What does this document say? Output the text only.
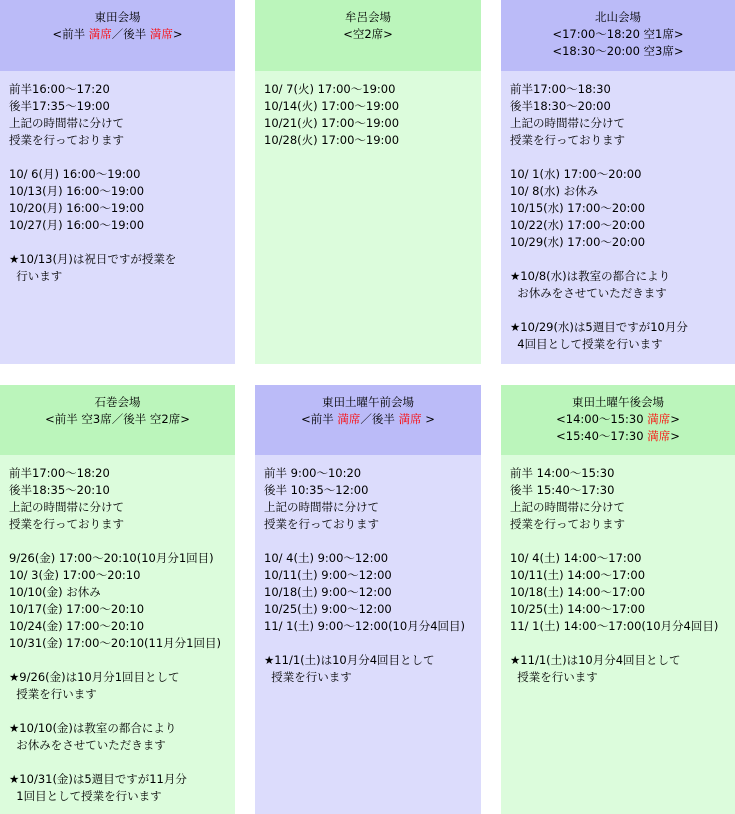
東田会場
<前半 満席／後半 満席>
前半16:00～17:20
後半17:35～19:00
上記の時間帯に分けて
授業を行っております
10/ 6(月) 16:00～19:00
10/13(月) 16:00～19:00
10/20(月) 16:00～19:00
10/27(月) 16:00～19:00
★10/13(月)は祝日ですが授業を
行います
牟呂会場
<空2席>
10/ 7(火) 17:00～19:00
10/14(火) 17:00～19:00
10/21(火) 17:00～19:00
10/28(火) 17:00～19:00
北山会場
<17:00～18:20 空1席>
<18:30～20:00 空3席>
前半17:00～18:30
後半18:30～20:00
上記の時間帯に分けて
授業を行っております
10/ 1(水) 17:00～20:00
10/ 8(水) お休み
10/15(水) 17:00～20:00
10/22(水) 17:00～20:00
10/29(水) 17:00～20:00
★10/8(水)は教室の都合により
お休みをさせていただきます
★10/29(水)は5週目ですが10月分
4回目として授業を行います
石巻会場
<前半 空3席／後半 空2席>
前半17:00～18:20
後半18:35～20:10
上記の時間帯に分けて
授業を行っております
9/26(金) 17:00～20:10(10月分1回目)
10/ 3(金) 17:00～20:10
10/10(金) お休み
10/17(金) 17:00～20:10
10/24(金) 17:00～20:10
10/31(金) 17:00～20:10(11月分1回目)
★9/26(金)は10月分1回目として
授業を行います
★10/10(金)は教室の都合により
お休みをさせていただきます
★10/31(金)は5週目ですが11月分
1回目として授業を行います
東田土曜午前会場
<前半 満席／後半 満席 >
前半 9:00～10:20
後半 10:35～12:00
上記の時間帯に分けて
授業を行っております
10/ 4(土) 9:00～12:00
10/11(土) 9:00～12:00
10/18(土) 9:00～12:00
10/25(土) 9:00～12:00
11/ 1(土) 9:00～12:00(10月分4回目)
★11/1(土)は10月分4回目として
授業を行います
東田土曜午後会場
<14:00～15:30 満席>
<15:40～17:30 満席>
前半 14:00～15:30
後半 15:40～17:30
上記の時間帯に分けて
授業を行っております
10/ 4(土) 14:00～17:00
10/11(土) 14:00～17:00
10/18(土) 14:00～17:00
10/25(土) 14:00～17:00
11/ 1(土) 14:00～17:00(10月分4回目)
★11/1(土)は10月分4回目として
授業を行います
